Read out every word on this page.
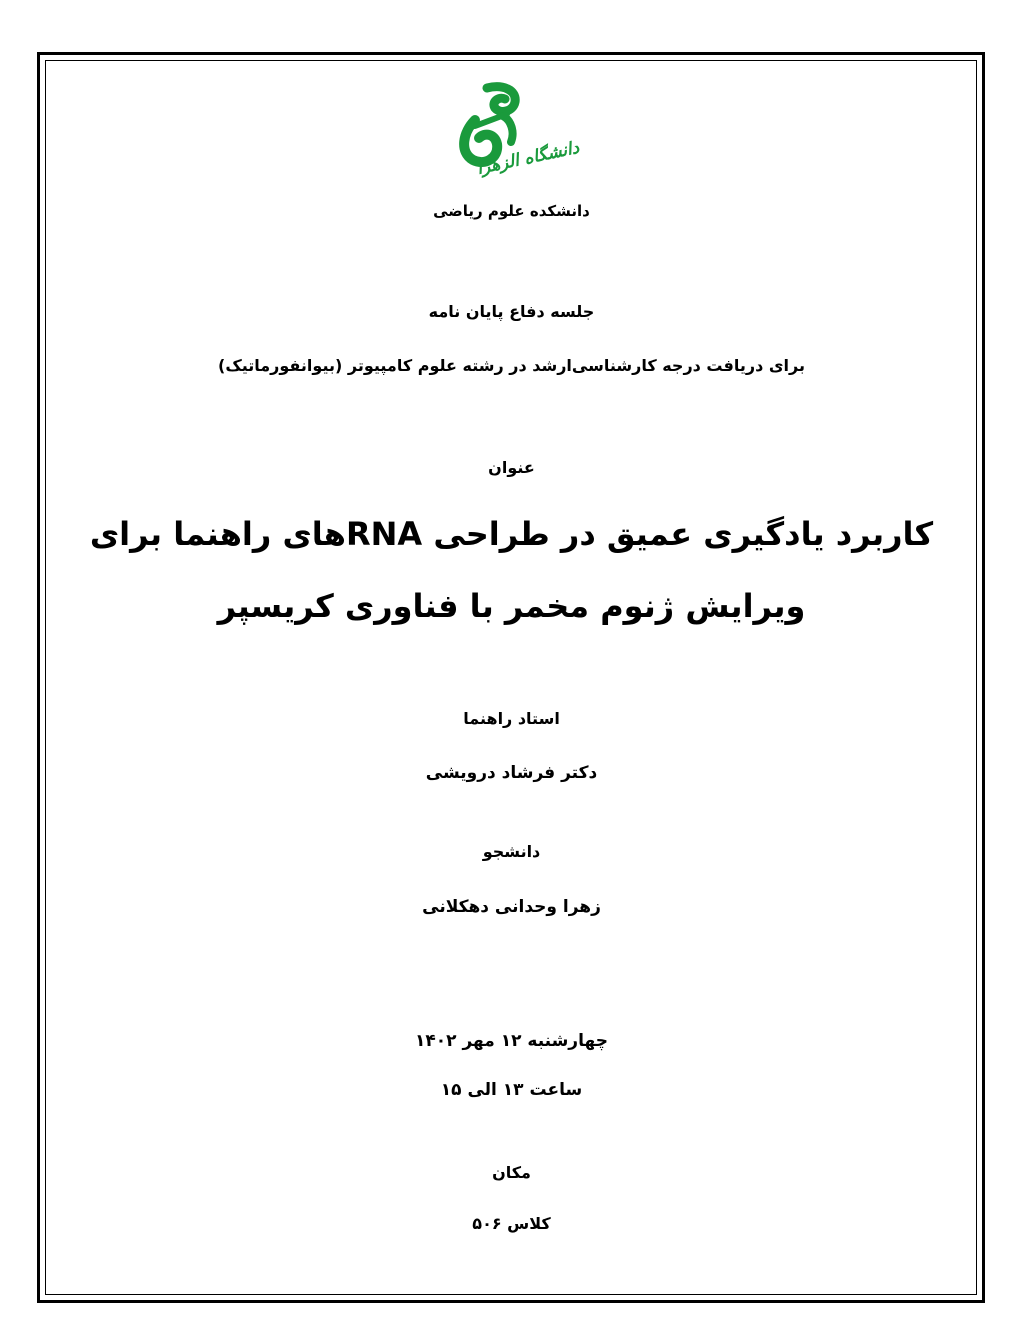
دانشگاه الزهرا
دانشکده علوم ریاضی
جلسه دفاع پایان نامه
برای دریافت درجه کارشناسی‌ارشد در رشته علوم کامپیوتر (بیوانفورماتیک)
عنوان
کاربرد یادگیری عمیق در طراحی RNAهای راهنما برای
ویرایش ژنوم مخمر با فناوری کریسپر
استاد راهنما
دکتر فرشاد درویشی
دانشجو
زهرا وحدانی دهکلانی
چهارشنبه ۱۲ مهر ۱۴۰۲
ساعت ۱۳ الی ۱۵
مکان
کلاس ۵۰۶
